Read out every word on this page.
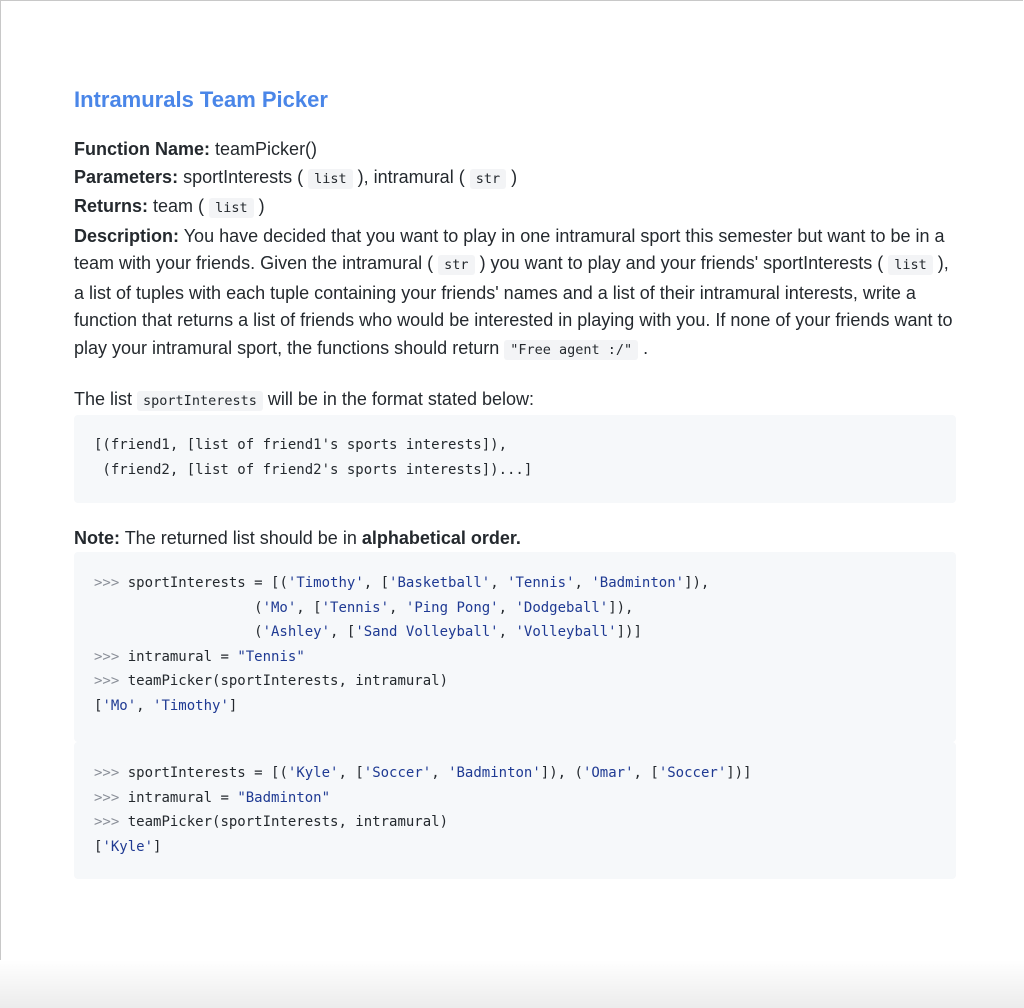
Intramurals Team Picker

Function Name: teamPicker()

Parameters: sportInterests ( list ), intramural ( str )

Returns: team ( list )

Description: You have decided that you want to play in one intramural sport this semester but want to be in a team with your friends. Given the intramural ( str ) you want to play and your friends' sportInterests ( list ), a list of tuples with each tuple containing your friends' names and a list of their intramural interests, write a function that returns a list of friends who would be interested in playing with you. If none of your friends want to play your intramural sport, the functions should return "Free agent :/" .

The list sportInterests will be in the format stated below:

[(friend1, [list of friend1's sports interests]),
(friend2, [list of friend2's sports interests])...]

Note: The returned list should be in alphabetical order.

>>> sportInterests = [('Timothy', ['Basketball', 'Tennis', 'Badminton']),
('Mo', ['Tennis', 'Ping Pong', 'Dodgeball']),
('Ashley', ['Sand Volleyball', 'Volleyball'])]
>>> intramural = "Tennis"
>>> teamPicker(sportInterests, intramural)
['Mo', 'Timothy']
>>> sportInterests = [('Kyle', ['Soccer', 'Badminton']), ('Omar', ['Soccer'])]
>>> intramural = "Badminton"
>>> teamPicker(sportInterests, intramural)
['Kyle']
